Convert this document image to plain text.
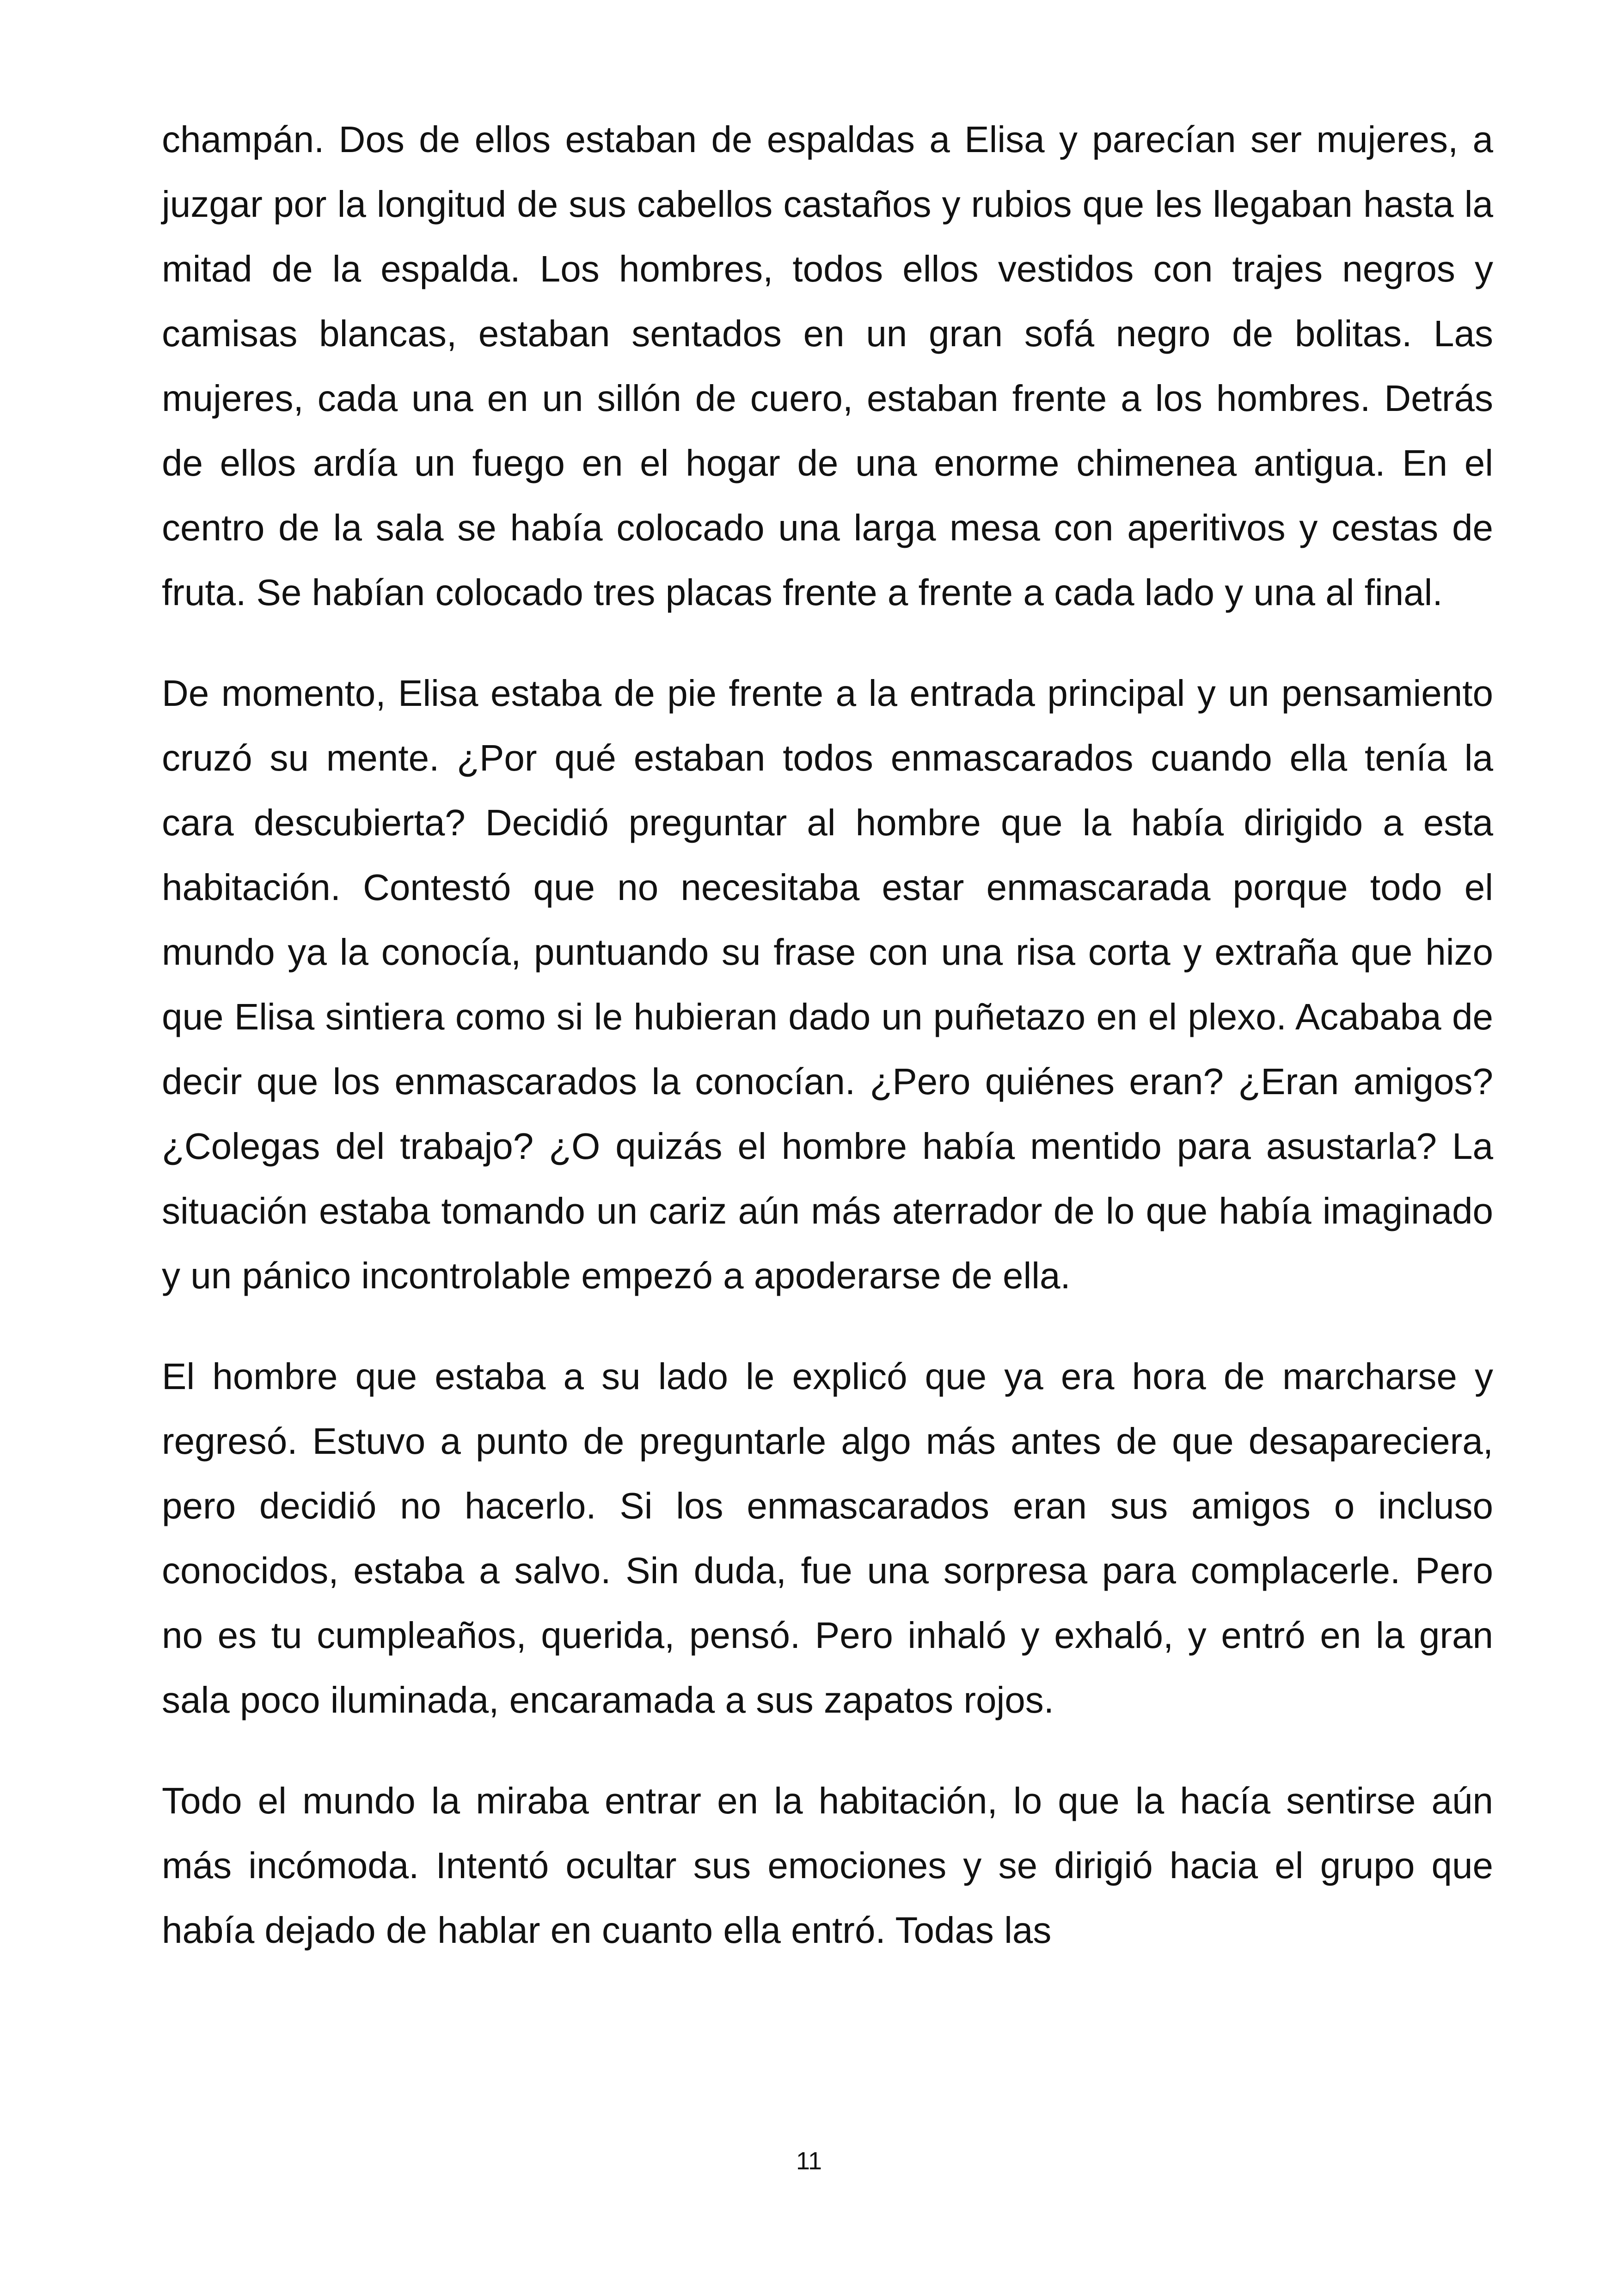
champán. Dos de ellos estaban de espaldas a Elisa y parecían ser mujeres, a juzgar por la longitud de sus cabellos castaños y rubios que les llegaban hasta la mitad de la espalda. Los hombres, todos ellos vestidos con trajes negros y camisas blancas, estaban sentados en un gran sofá negro de bolitas. Las mujeres, cada una en un sillón de cuero, estaban frente a los hombres. Detrás de ellos ardía un fuego en el hogar de una enorme chimenea antigua. En el centro de la sala se había colocado una larga mesa con aperitivos y cestas de fruta. Se habían colocado tres placas frente a frente a cada lado y una al final.

De momento, Elisa estaba de pie frente a la entrada principal y un pensamiento cruzó su mente. ¿Por qué estaban todos enmascarados cuando ella tenía la cara descubierta? Decidió preguntar al hombre que la había dirigido a esta habitación. Contestó que no necesitaba estar enmascarada porque todo el mundo ya la conocía, puntuando su frase con una risa corta y extraña que hizo que Elisa sintiera como si le hubieran dado un puñetazo en el plexo. Acababa de decir que los enmascarados la conocían. ¿Pero quiénes eran? ¿Eran amigos? ¿Colegas del trabajo? ¿O quizás el hombre había mentido para asustarla? La situación estaba tomando un cariz aún más aterrador de lo que había imaginado y un pánico incontrolable empezó a apoderarse de ella.

El hombre que estaba a su lado le explicó que ya era hora de marcharse y regresó. Estuvo a punto de preguntarle algo más antes de que desapareciera, pero decidió no hacerlo. Si los enmascarados eran sus amigos o incluso conocidos, estaba a salvo. Sin duda, fue una sorpresa para complacerle. Pero no es tu cumpleaños, querida, pensó. Pero inhaló y exhaló, y entró en la gran sala poco iluminada, encaramada a sus zapatos rojos.

Todo el mundo la miraba entrar en la habitación, lo que la hacía sentirse aún más incómoda. Intentó ocultar sus emociones y se dirigió hacia el grupo que había dejado de hablar en cuanto ella entró. Todas las

11
